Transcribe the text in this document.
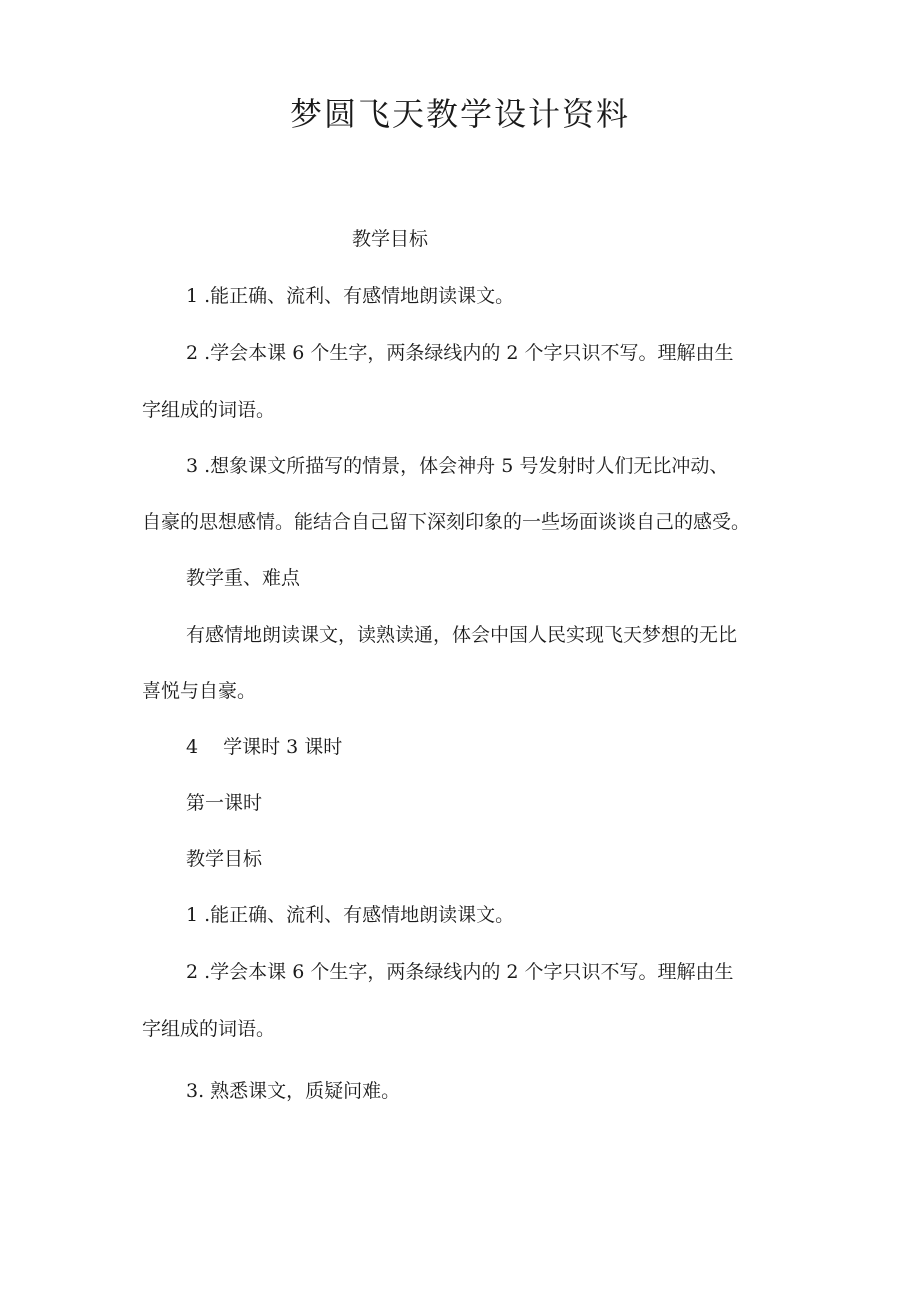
梦圆飞天教学设计资料
教学目标
1 .能正确、流利、有感情地朗读课文。
2 .学会本课 6 个生字，两条绿线内的 2 个字只识不写。理解由生
字组成的词语。
3 .想象课文所描写的情景，体会神舟 5 号发射时人们无比冲动、
自豪的思想感情。能结合自己留下深刻印象的一些场面谈谈自己的感受。
教学重、难点
有感情地朗读课文，读熟读通，体会中国人民实现飞天梦想的无比
喜悦与自豪。
4　 学课时 3 课时
第一课时
教学目标
1 .能正确、流利、有感情地朗读课文。
2 .学会本课 6 个生字，两条绿线内的 2 个字只识不写。理解由生
字组成的词语。
3. 熟悉课文，质疑问难。
